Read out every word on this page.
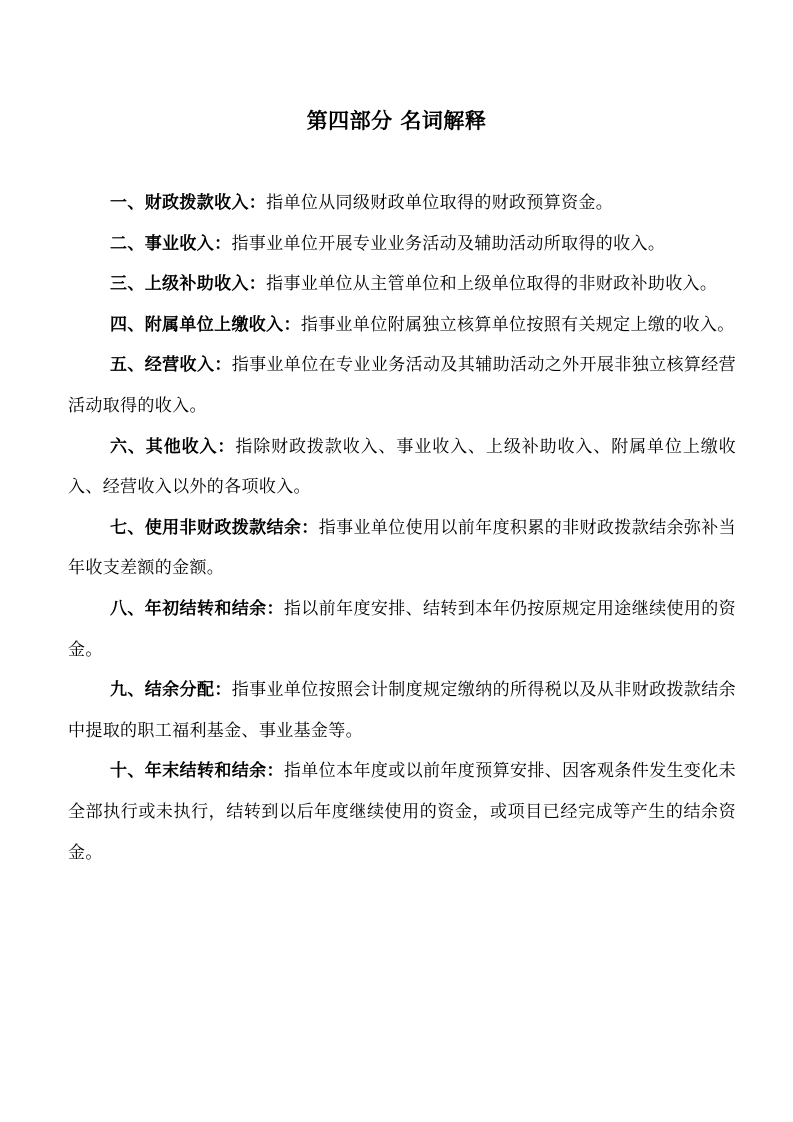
第四部分 名词解释

一、财政拨款收入：指单位从同级财政单位取得的财政预算资金。

二、事业收入：指事业单位开展专业业务活动及辅助活动所取得的收入。

三、上级补助收入：指事业单位从主管单位和上级单位取得的非财政补助收入。

四、附属单位上缴收入：指事业单位附属独立核算单位按照有关规定上缴的收入。

五、经营收入：指事业单位在专业业务活动及其辅助活动之外开展非独立核算经营活动取得的收入。

六、其他收入：指除财政拨款收入、事业收入、上级补助收入、附属单位上缴收入、经营收入以外的各项收入。

七、使用非财政拨款结余：指事业单位使用以前年度积累的非财政拨款结余弥补当年收支差额的金额。

八、年初结转和结余：指以前年度安排、结转到本年仍按原规定用途继续使用的资金。

九、结余分配：指事业单位按照会计制度规定缴纳的所得税以及从非财政拨款结余中提取的职工福利基金、事业基金等。

十、年末结转和结余：指单位本年度或以前年度预算安排、因客观条件发生变化未全部执行或未执行，结转到以后年度继续使用的资金，或项目已经完成等产生的结余资金。
